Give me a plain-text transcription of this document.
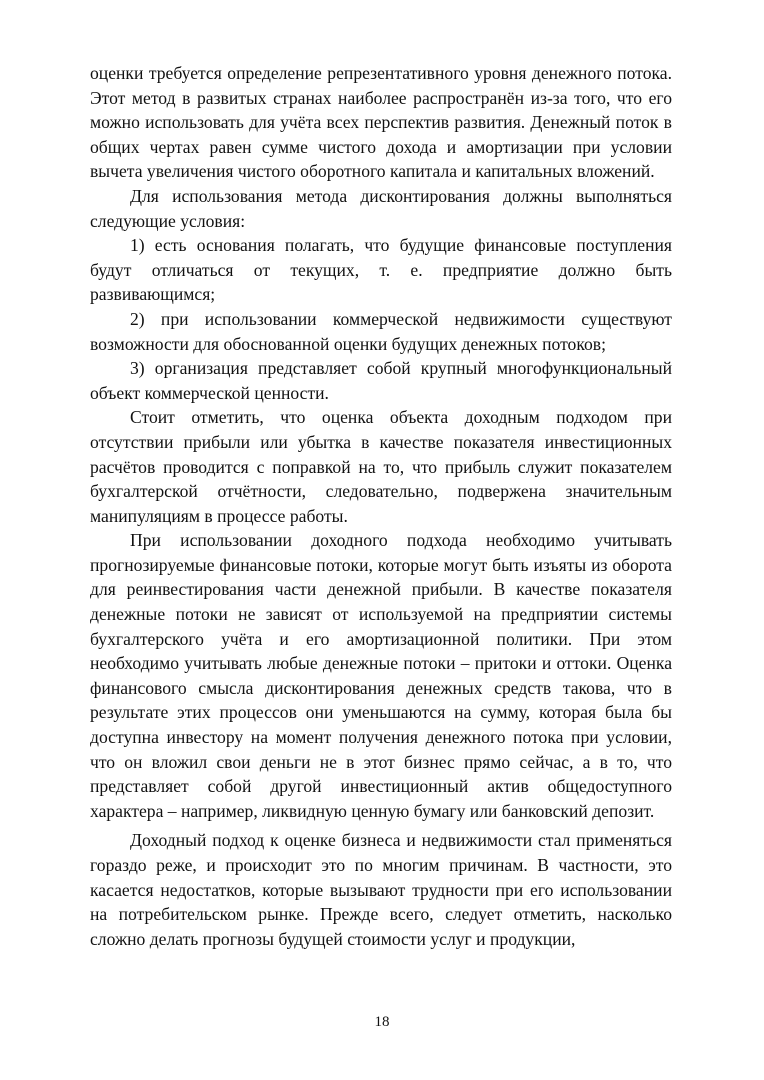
оценки требуется определение репрезентативного уровня денежного потока. Этот метод в развитых странах наиболее распространён из-за того, что его можно использовать для учёта всех перспектив развития. Денежный поток в общих чертах равен сумме чистого дохода и амортизации при условии вычета увеличения чистого оборотного капитала и капитальных вложений.

Для использования метода дисконтирования должны выполняться следующие условия:

1) есть основания полагать, что будущие финансовые поступления будут отличаться от текущих, т. е. предприятие должно быть развивающимся;

2) при использовании коммерческой недвижимости существуют возможности для обоснованной оценки будущих денежных потоков;

3) организация представляет собой крупный многофункциональный объект коммерческой ценности.

Стоит отметить, что оценка объекта доходным подходом при отсутствии прибыли или убытка в качестве показателя инвестиционных расчётов проводится с поправкой на то, что прибыль служит показателем бухгалтерской отчётности, следовательно, подвержена значительным манипуляциям в процессе работы.

При использовании доходного подхода необходимо учитывать прогнозируемые финансовые потоки, которые могут быть изъяты из оборота для реинвестирования части денежной прибыли. В качестве показателя денежные потоки не зависят от используемой на предприятии системы бухгалтерского учёта и его амортизационной политики. При этом необходимо учитывать любые денежные потоки – притоки и оттоки. Оценка финансового смысла дисконтирования денежных средств такова, что в результате этих процессов они уменьшаются на сумму, которая была бы доступна инвестору на момент получения денежного потока при условии, что он вложил свои деньги не в этот бизнес прямо сейчас, а в то, что представляет собой другой инвестиционный актив общедоступного характера – например, ликвидную ценную бумагу или банковский депозит.

Доходный подход к оценке бизнеса и недвижимости стал применяться гораздо реже, и происходит это по многим причинам. В частности, это касается недостатков, которые вызывают трудности при его использовании на потребительском рынке. Прежде всего, следует отметить, насколько сложно делать прогнозы будущей стоимости услуг и продукции,

18
